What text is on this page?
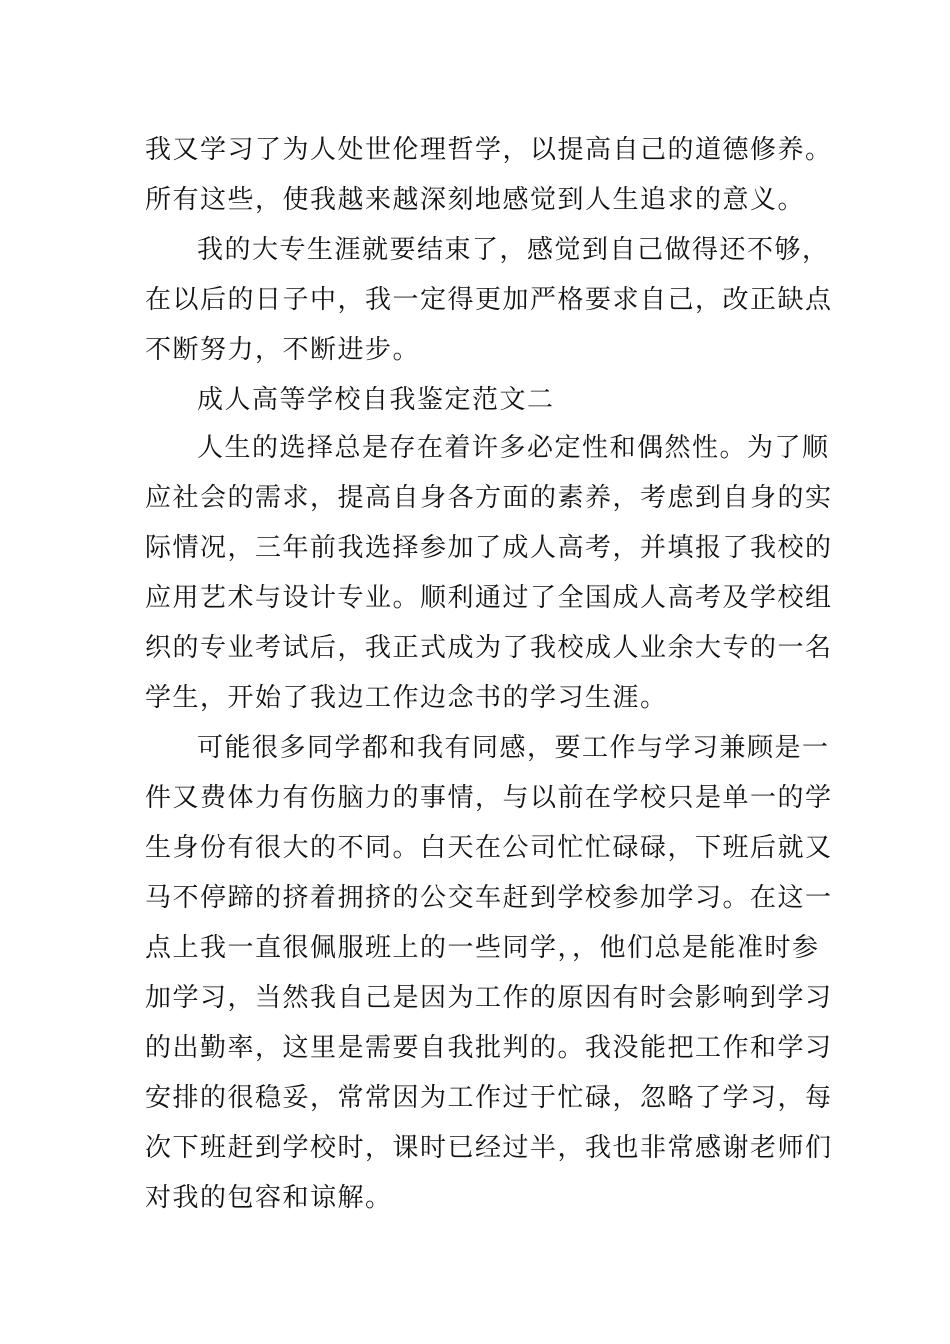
我又学习了为人处世伦理哲学，以提高自己的道德修养。
所有这些，使我越来越深刻地感觉到人生追求的意义。
我的大专生涯就要结束了，感觉到自己做得还不够，
在以后的日子中，我一定得更加严格要求自己，改正缺点
不断努力，不断进步。
成人高等学校自我鉴定范文二
人生的选择总是存在着许多必定性和偶然性。为了顺
应社会的需求，提高自身各方面的素养，考虑到自身的实
际情况，三年前我选择参加了成人高考，并填报了我校的
应用艺术与设计专业。顺利通过了全国成人高考及学校组
织的专业考试后，我正式成为了我校成人业余大专的一名
学生，开始了我边工作边念书的学习生涯。
可能很多同学都和我有同感，要工作与学习兼顾是一
件又费体力有伤脑力的事情，与以前在学校只是单一的学
生身份有很大的不同。白天在公司忙忙碌碌，下班后就又
马不停蹄的挤着拥挤的公交车赶到学校参加学习。在这一
点上我一直很佩服班上的一些同学，，他们总是能准时参
加学习，当然我自己是因为工作的原因有时会影响到学习
的出勤率，这里是需要自我批判的。我没能把工作和学习
安排的很稳妥，常常因为工作过于忙碌，忽略了学习，每
次下班赶到学校时，课时已经过半，我也非常感谢老师们
对我的包容和谅解。
